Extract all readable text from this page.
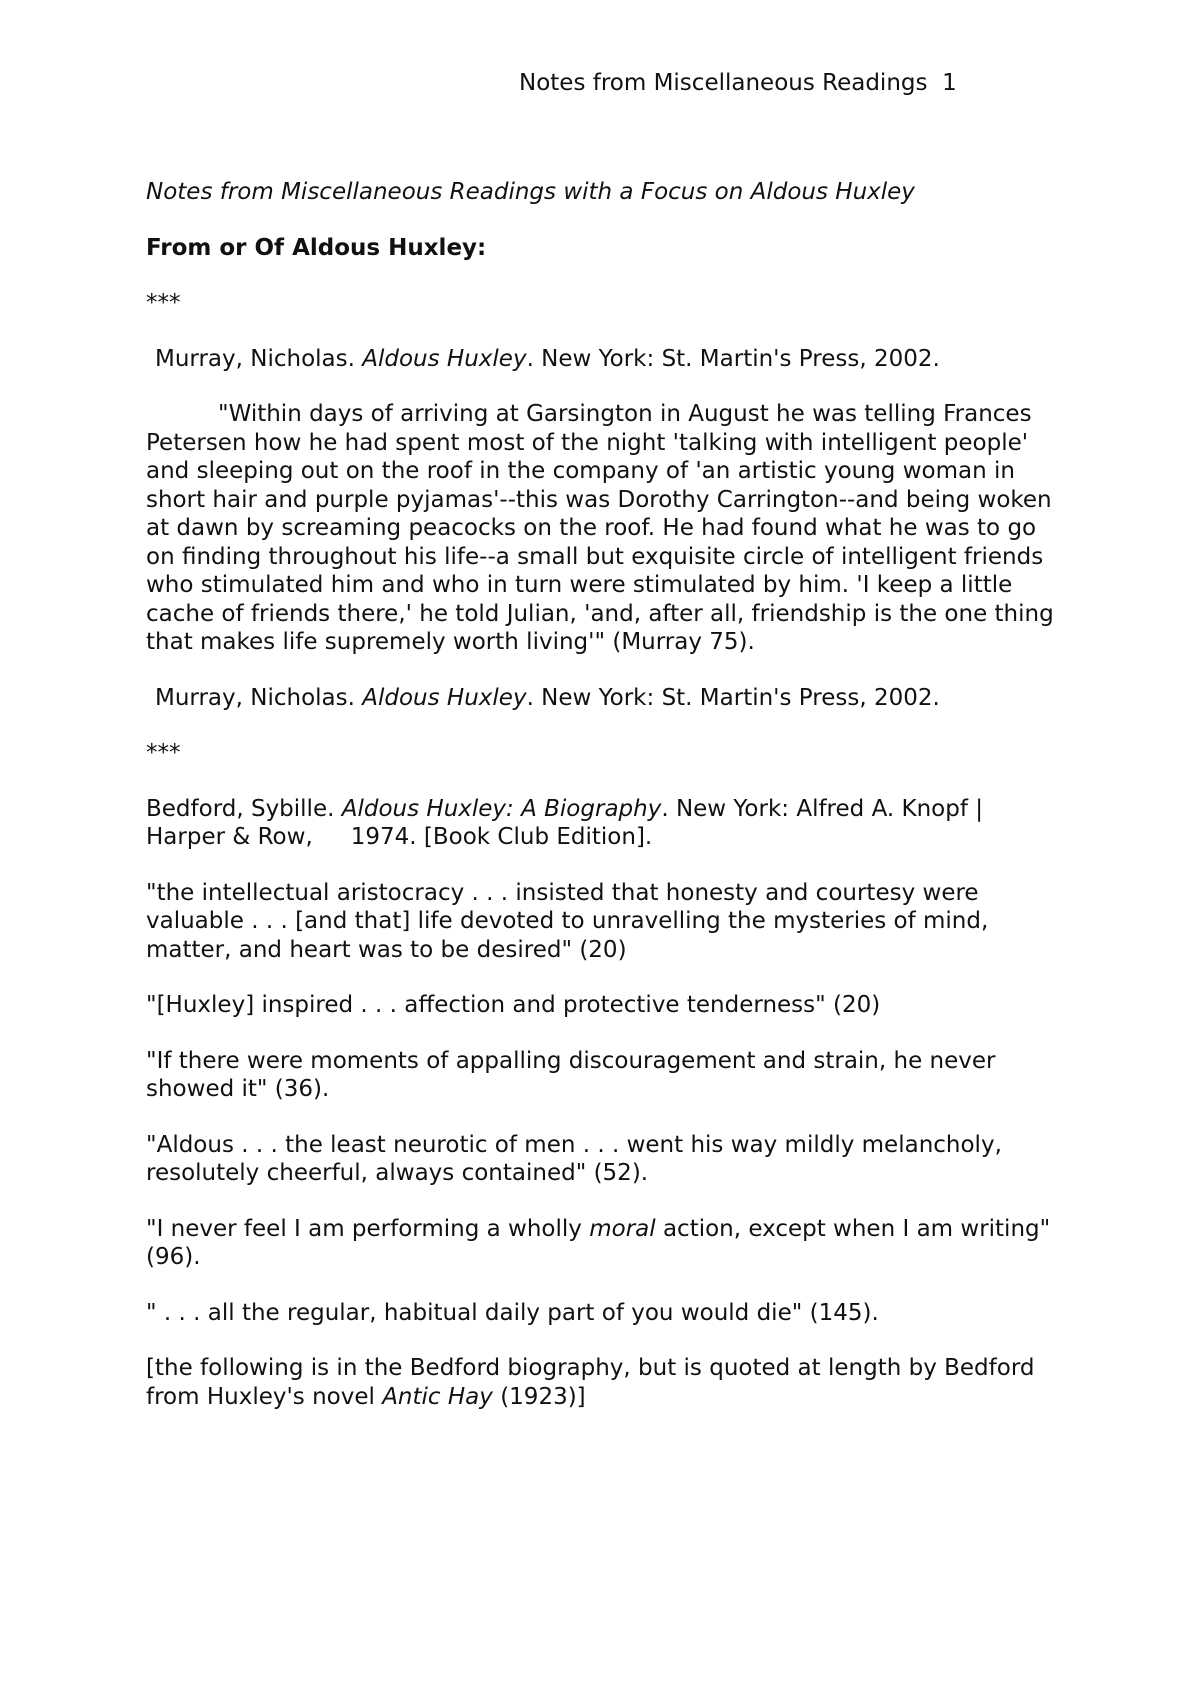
Notes from Miscellaneous Readings 1

Notes from Miscellaneous Readings with a Focus on Aldous Huxley

From or Of Aldous Huxley:

***

Murray, Nicholas. Aldous Huxley. New York: St. Martin's Press, 2002.

"Within days of arriving at Garsington in August he was telling Frances Petersen how he had spent most of the night 'talking with intelligent people' and sleeping out on the roof in the company of 'an artistic young woman in short hair and purple pyjamas'--this was Dorothy Carrington--and being woken at dawn by screaming peacocks on the roof. He had found what he was to go on finding throughout his life--a small but exquisite circle of intelligent friends who stimulated him and who in turn were stimulated by him. 'I keep a little cache of friends there,' he told Julian, 'and, after all, friendship is the one thing that makes life supremely worth living'" (Murray 75).

Murray, Nicholas. Aldous Huxley. New York: St. Martin's Press, 2002.

***

Bedford, Sybille. Aldous Huxley: A Biography. New York: Alfred A. Knopf | Harper & Row, 1974. [Book Club Edition].

"the intellectual aristocracy . . . insisted that honesty and courtesy were valuable . . . [and that] life devoted to unravelling the mysteries of mind, matter, and heart was to be desired" (20)

"[Huxley] inspired . . . affection and protective tenderness" (20)

"If there were moments of appalling discouragement and strain, he never showed it" (36).

"Aldous . . . the least neurotic of men . . . went his way mildly melancholy, resolutely cheerful, always contained" (52).

"I never feel I am performing a wholly moral action, except when I am writing" (96).

" . . . all the regular, habitual daily part of you would die" (145).

[the following is in the Bedford biography, but is quoted at length by Bedford from Huxley's novel Antic Hay (1923)]
